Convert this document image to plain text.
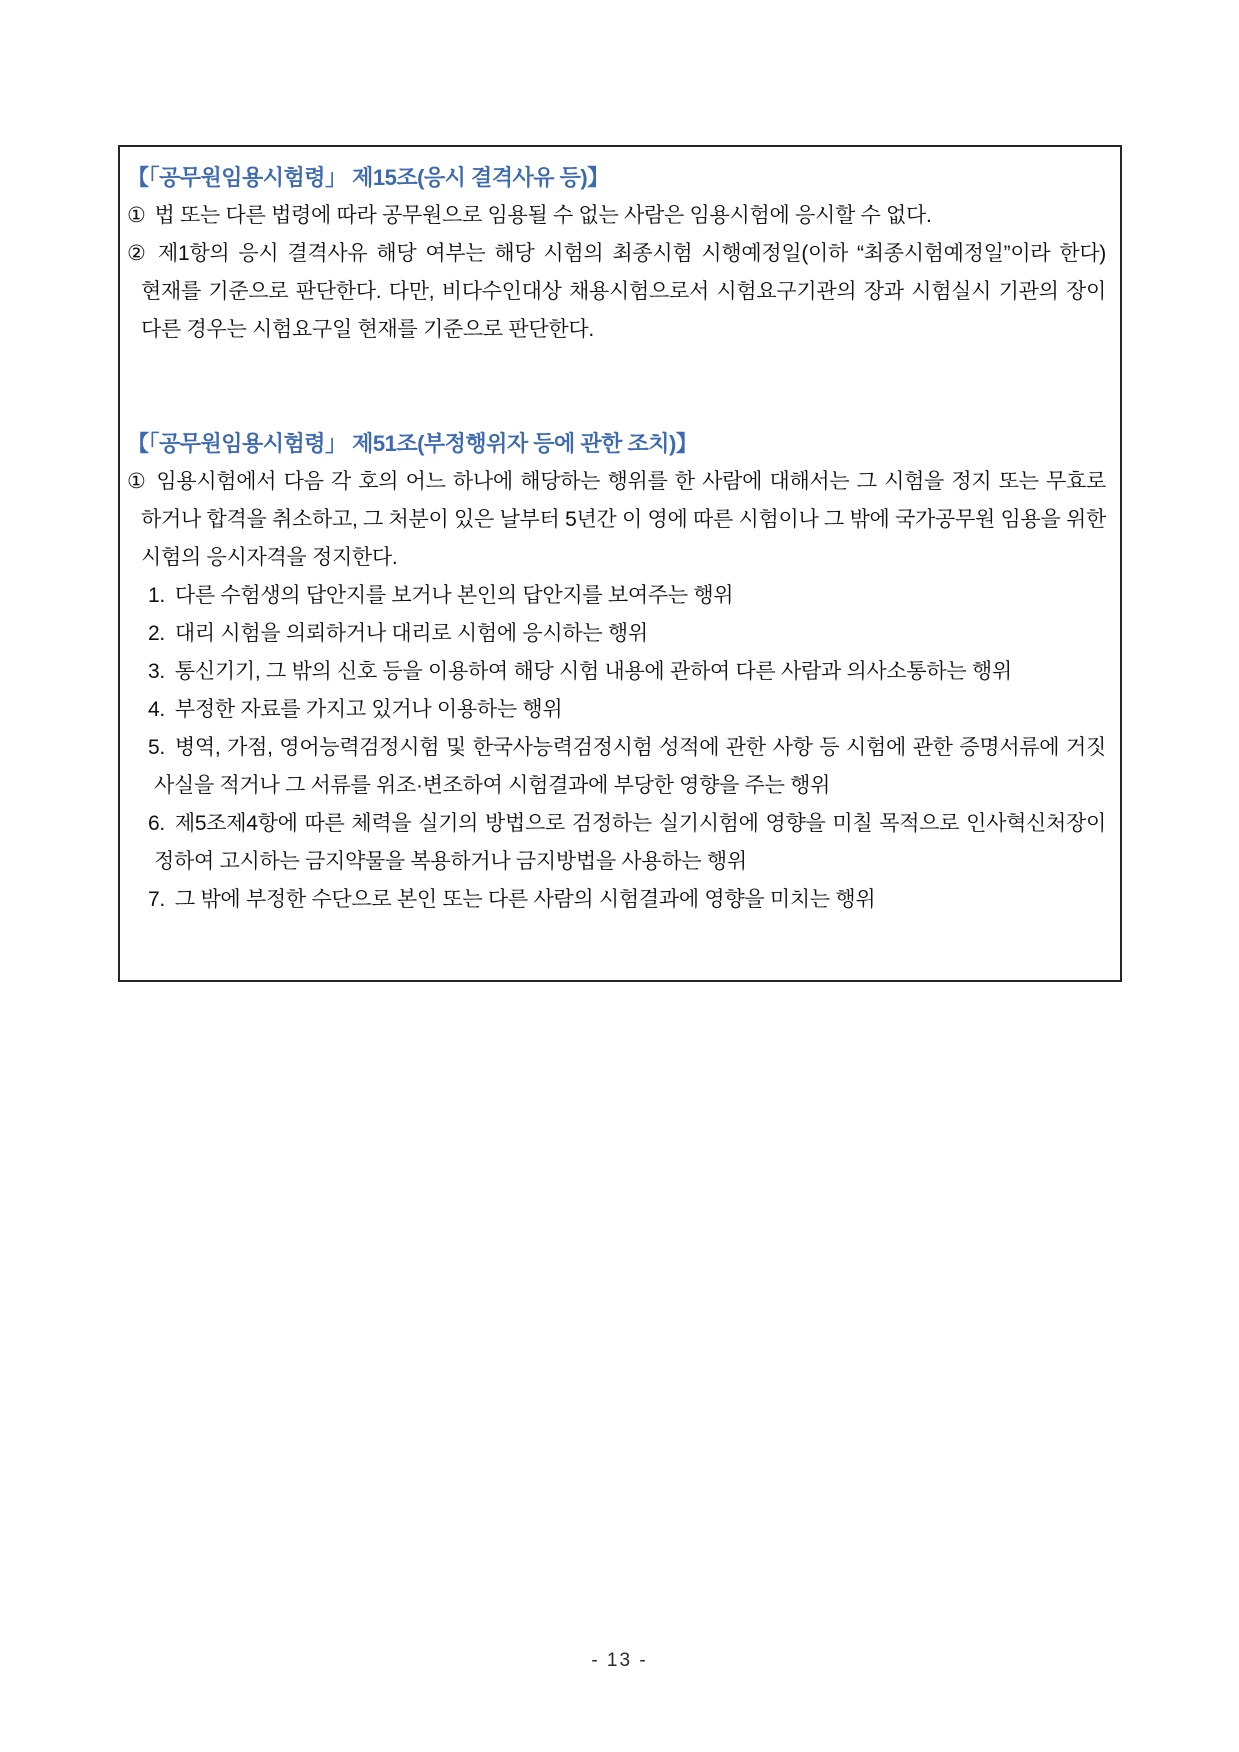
【「공무원임용시험령」 제15조(응시 결격사유 등)】

① 법 또는 다른 법령에 따라 공무원으로 임용될 수 없는 사람은 임용시험에 응시할 수 없다.

② 제1항의 응시 결격사유 해당 여부는 해당 시험의 최종시험 시행예정일(이하 “최종시험예정일”이라 한다) 현재를 기준으로 판단한다. 다만, 비다수인대상 채용시험으로서 시험요구기관의 장과 시험실시 기관의 장이 다른 경우는 시험요구일 현재를 기준으로 판단한다.

【「공무원임용시험령」 제51조(부정행위자 등에 관한 조치)】

① 임용시험에서 다음 각 호의 어느 하나에 해당하는 행위를 한 사람에 대해서는 그 시험을 정지 또는 무효로 하거나 합격을 취소하고, 그 처분이 있은 날부터 5년간 이 영에 따른 시험이나 그 밖에 국가공무원 임용을 위한 시험의 응시자격을 정지한다.

1. 다른 수험생의 답안지를 보거나 본인의 답안지를 보여주는 행위

2. 대리 시험을 의뢰하거나 대리로 시험에 응시하는 행위

3. 통신기기, 그 밖의 신호 등을 이용하여 해당 시험 내용에 관하여 다른 사람과 의사소통하는 행위

4. 부정한 자료를 가지고 있거나 이용하는 행위

5. 병역, 가점, 영어능력검정시험 및 한국사능력검정시험 성적에 관한 사항 등 시험에 관한 증명서류에 거짓 사실을 적거나 그 서류를 위조·변조하여 시험결과에 부당한 영향을 주는 행위

6. 제5조제4항에 따른 체력을 실기의 방법으로 검정하는 실기시험에 영향을 미칠 목적으로 인사혁신처장이 정하여 고시하는 금지약물을 복용하거나 금지방법을 사용하는 행위

7. 그 밖에 부정한 수단으로 본인 또는 다른 사람의 시험결과에 영향을 미치는 행위

- 13 -
